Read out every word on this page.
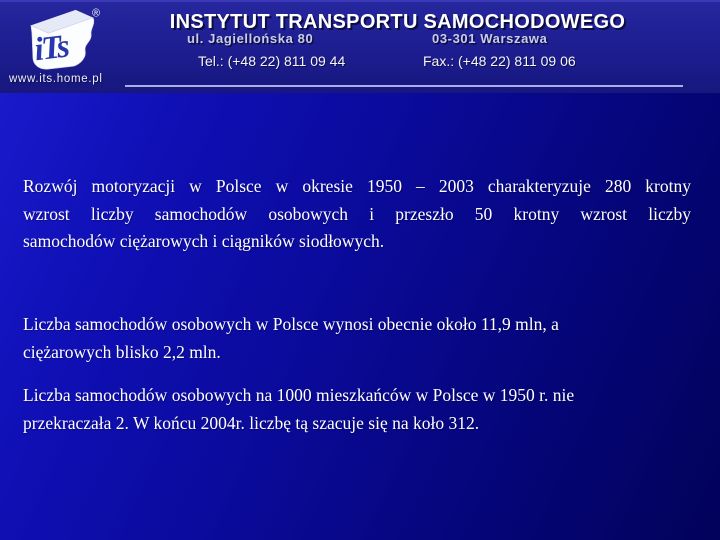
iTs
®
www.its.home.pl
INSTYTUT TRANSPORTU SAMOCHODOWEGO
ul. Jagiellońska 80	03-301 Warszawa
Tel.: (+48 22) 811 09 44	Fax.: (+48 22) 811 09 06
Rozwój motoryzacji w Polsce w okresie 1950 – 2003 charakteryzuje 280 krotny
wzrost liczby samochodów osobowych i przeszło 50 krotny wzrost liczby
samochodów ciężarowych i ciągników siodłowych.
Liczba samochodów osobowych w Polsce wynosi obecnie około 11,9 mln, a
ciężarowych blisko 2,2 mln.
Liczba samochodów osobowych na 1000 mieszkańców w Polsce w 1950 r. nie
przekraczała 2. W końcu 2004r. liczbę tą szacuje się na koło 312.
